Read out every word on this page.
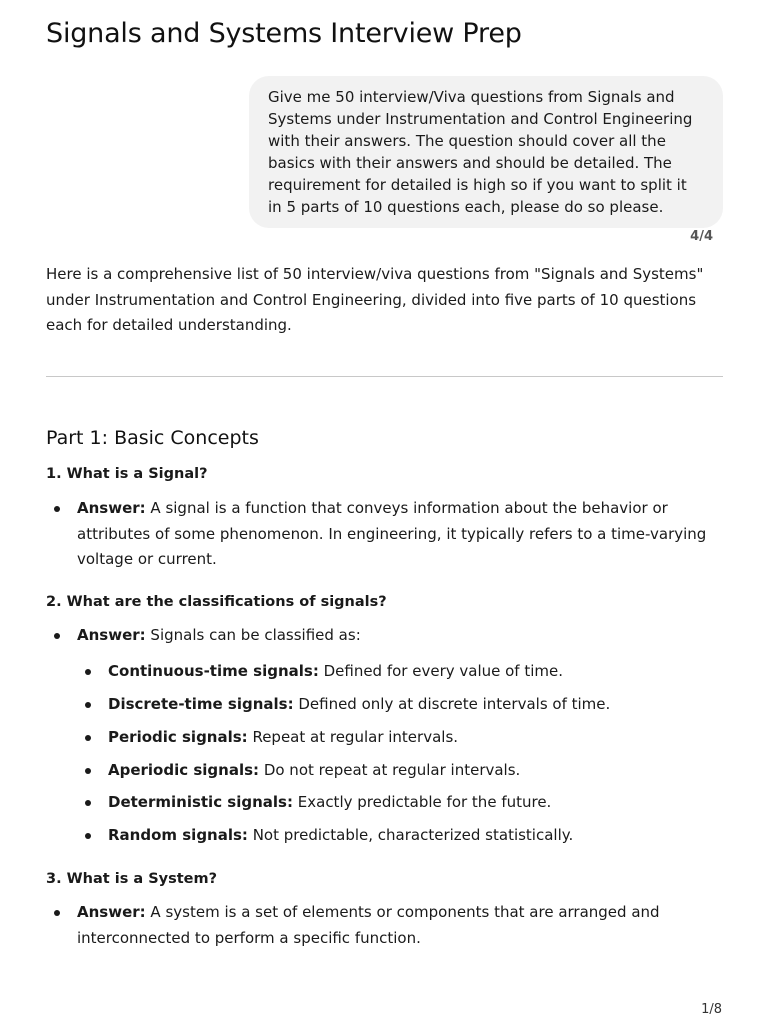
Signals and Systems Interview Prep
Give me 50 interview/Viva questions from Signals and Systems under Instrumentation and Control Engineering with their answers. The question should cover all the basics with their answers and should be detailed. The requirement for detailed is high so if you want to split it in 5 parts of 10 questions each, please do so please.
4/4

Here is a comprehensive list of 50 interview/viva questions from "Signals and Systems" under Instrumentation and Control Engineering, divided into five parts of 10 questions each for detailed understanding.

Part 1: Basic Concepts

1. What is a Signal?

Answer: A signal is a function that conveys information about the behavior or attributes of some phenomenon. In engineering, it typically refers to a time-varying voltage or current.

2. What are the classifications of signals?

Answer: Signals can be classified as:
Continuous-time signals: Defined for every value of time.
Discrete-time signals: Defined only at discrete intervals of time.
Periodic signals: Repeat at regular intervals.
Aperiodic signals: Do not repeat at regular intervals.
Deterministic signals: Exactly predictable for the future.
Random signals: Not predictable, characterized statistically.

3. What is a System?

Answer: A system is a set of elements or components that are arranged and interconnected to perform a specific function.
1/8
